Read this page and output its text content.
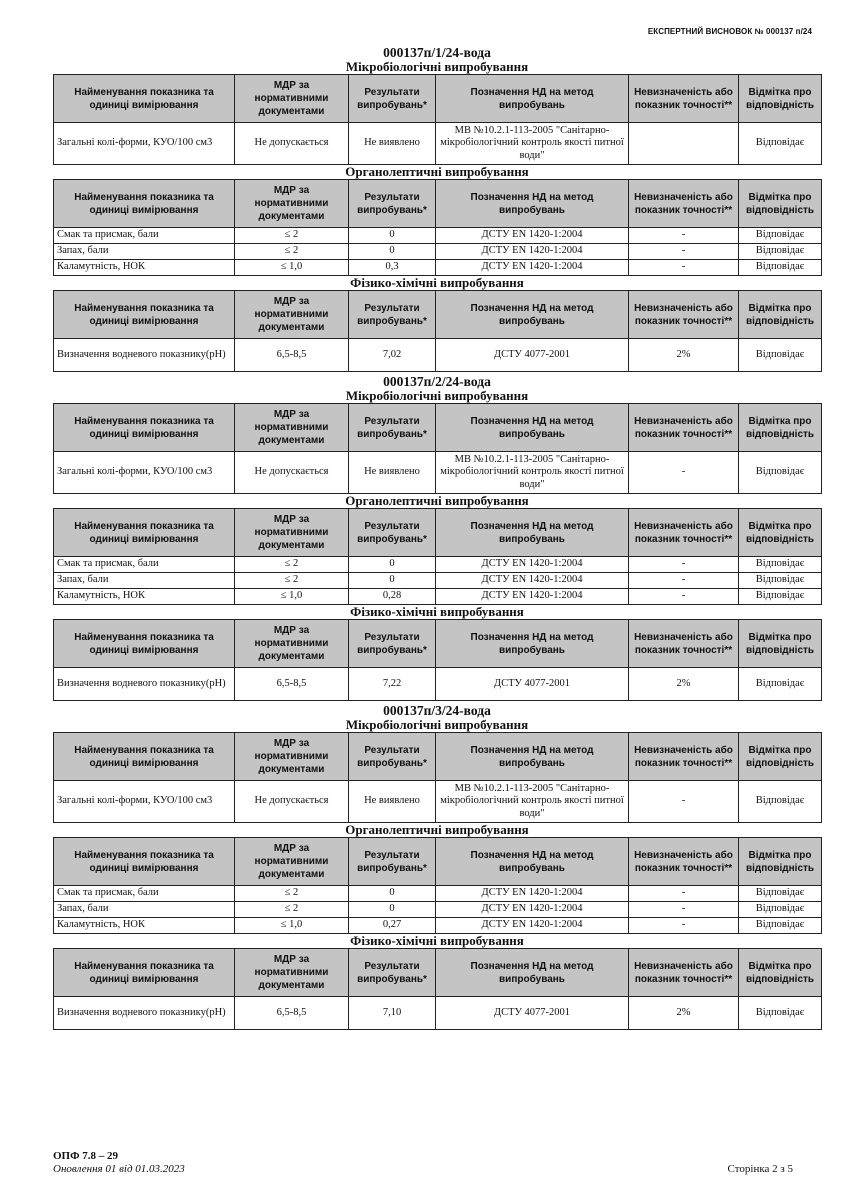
ЕКСПЕРТНИЙ ВИСНОВОК № 000137 п/24
000137п/1/24-вода
Мікробіологічні випробування
Найменування показника та одиниці вимірювання	МДР за нормативними документами	Результати випробувань*	Позначення НД на метод випробувань	Невизначеність або показник точності**	Відмітка про відповідність
Загальні колі-форми, КУО/100 см3	Не допускається	Не виявлено	МВ №10.2.1-113-2005 "Санітарно-мікробіологічний контроль якості питної води"		Відповідає
Органолептичні випробування
Найменування показника та одиниці вимірювання	МДР за нормативними документами	Результати випробувань*	Позначення НД на метод випробувань	Невизначеність або показник точності**	Відмітка про відповідність
Смак та присмак, бали	≤ 2	0	ДСТУ EN 1420-1:2004	-	Відповідає
Запах, бали	≤ 2	0	ДСТУ EN 1420-1:2004	-	Відповідає
Каламутність, НОК	≤ 1,0	0,3	ДСТУ EN 1420-1:2004	-	Відповідає
Фізико-хімічні випробування
Найменування показника та одиниці вимірювання	МДР за нормативними документами	Результати випробувань*	Позначення НД на метод випробувань	Невизначеність або показник точності**	Відмітка про відповідність
Визначення водневого показнику(pH)	6,5-8,5	7,02	ДСТУ 4077-2001	2%	Відповідає
000137п/2/24-вода
Мікробіологічні випробування
Найменування показника та одиниці вимірювання	МДР за нормативними документами	Результати випробувань*	Позначення НД на метод випробувань	Невизначеність або показник точності**	Відмітка про відповідність
Загальні колі-форми, КУО/100 см3	Не допускається	Не виявлено	МВ №10.2.1-113-2005 "Санітарно-мікробіологічний контроль якості питної води"	-	Відповідає
Органолептичні випробування
Найменування показника та одиниці вимірювання	МДР за нормативними документами	Результати випробувань*	Позначення НД на метод випробувань	Невизначеність або показник точності**	Відмітка про відповідність
Смак та присмак, бали	≤ 2	0	ДСТУ EN 1420-1:2004	-	Відповідає
Запах, бали	≤ 2	0	ДСТУ EN 1420-1:2004	-	Відповідає
Каламутність, НОК	≤ 1,0	0,28	ДСТУ EN 1420-1:2004	-	Відповідає
Фізико-хімічні випробування
Найменування показника та одиниці вимірювання	МДР за нормативними документами	Результати випробувань*	Позначення НД на метод випробувань	Невизначеність або показник точності**	Відмітка про відповідність
Визначення водневого показнику(pH)	6,5-8,5	7,22	ДСТУ 4077-2001	2%	Відповідає
000137п/3/24-вода
Мікробіологічні випробування
Найменування показника та одиниці вимірювання	МДР за нормативними документами	Результати випробувань*	Позначення НД на метод випробувань	Невизначеність або показник точності**	Відмітка про відповідність
Загальні колі-форми, КУО/100 см3	Не допускається	Не виявлено	МВ №10.2.1-113-2005 "Санітарно-мікробіологічний контроль якості питної води"	-	Відповідає
Органолептичні випробування
Найменування показника та одиниці вимірювання	МДР за нормативними документами	Результати випробувань*	Позначення НД на метод випробувань	Невизначеність або показник точності**	Відмітка про відповідність
Смак та присмак, бали	≤ 2	0	ДСТУ EN 1420-1:2004	-	Відповідає
Запах, бали	≤ 2	0	ДСТУ EN 1420-1:2004	-	Відповідає
Каламутність, НОК	≤ 1,0	0,27	ДСТУ EN 1420-1:2004	-	Відповідає
Фізико-хімічні випробування
Найменування показника та одиниці вимірювання	МДР за нормативними документами	Результати випробувань*	Позначення НД на метод випробувань	Невизначеність або показник точності**	Відмітка про відповідність
Визначення водневого показнику(pH)	6,5-8,5	7,10	ДСТУ 4077-2001	2%	Відповідає
ОПФ 7.8 – 29
Оновлення 01 від 01.03.2023	Сторінка 2 з 5
